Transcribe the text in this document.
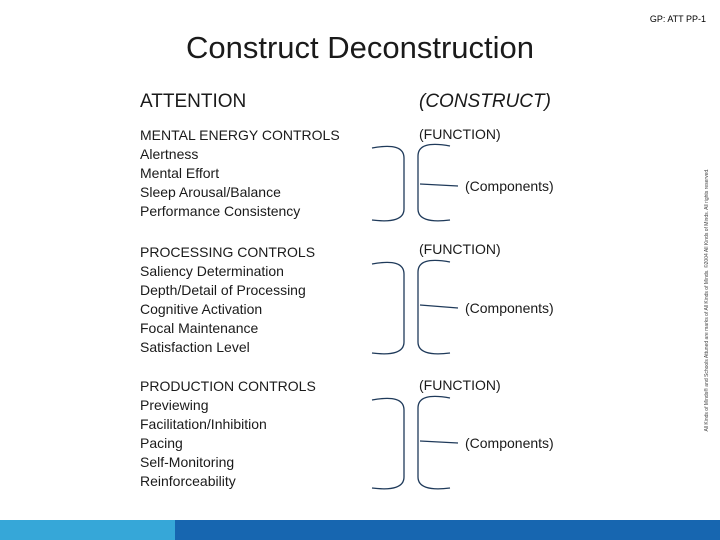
GP: ATT PP-1
Construct Deconstruction
ATTENTION	(CONSTRUCT)
MENTAL ENERGY CONTROLS
Alertness
Mental Effort
Sleep Arousal/Balance
Performance Consistency
(FUNCTION)
(Components)
PROCESSING CONTROLS
Saliency Determination
Depth/Detail of Processing
Cognitive Activation
Focal Maintenance
Satisfaction Level
(FUNCTION)
(Components)
PRODUCTION CONTROLS
Previewing
Facilitation/Inhibition
Pacing
Self-Monitoring
Reinforceability
(FUNCTION)
(Components)
All Kinds of Minds® and Schools Attuned are marks of All Kinds of Minds. ©2004 All Kinds of Minds. All rights reserved.
